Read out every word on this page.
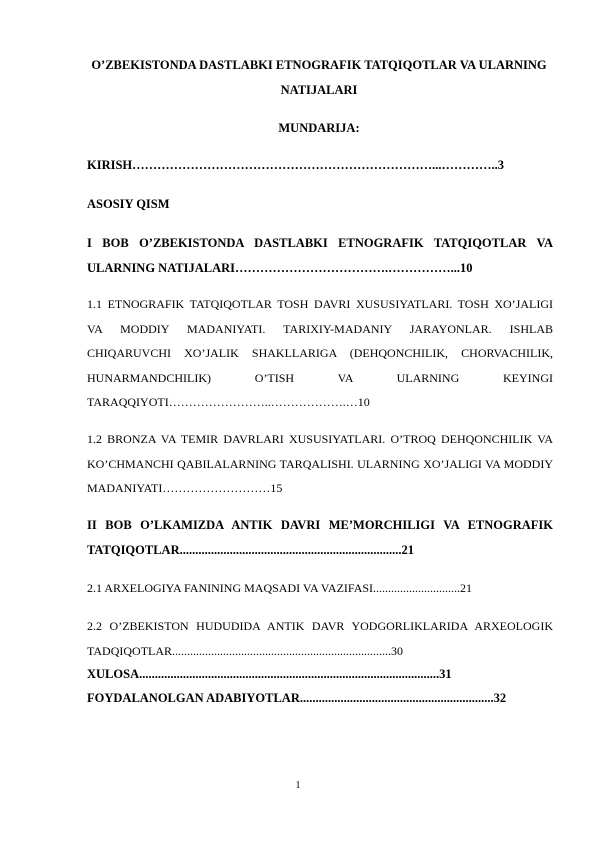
O’ZBEKISTONDA DASTLABKI ETNOGRAFIK TATQIQOTLAR VA ULARNING NATIJALARI
MUNDARIJA:
KIRISH………………………………………………………………...…………..3
ASOSIY QISM
I BOB O’ZBEKISTONDA DASTLABKI ETNOGRAFIK TATQIQOTLAR VA ULARNING NATIJALARI……………………………….……………...10
1.1 ETNOGRAFIK TATQIQOTLAR TOSH DAVRI XUSUSIYATLARI. TOSH XO’JALIGI VA MODDIY MADANIYATI. TARIXIY-MADANIY JARAYONLAR. ISHLAB CHIQARUVCHI XO’JALIK SHAKLLARIGA (DEHQONCHILIK, CHORVACHILIK, HUNARMANDCHILIK) O’TISH VA ULARNING KEYINGI TARAQQIYOTI……………………..……………….…10
1.2 BRONZA VA TEMIR DAVRLARI XUSUSIYATLARI. O’TROQ DEHQONCHILIK VA KO’CHMANCHI QABILALARNING TARQALISHI. ULARNING XO’JALIGI VA MODDIY MADANIYATI………………………15
II BOB O’LKAMIZDA ANTIK DAVRI ME’MORCHILIGI VA ETNOGRAFIK TATQIQOTLAR.......................................................................21
2.1 ARXELOGIYA FANINING MAQSADI VA VAZIFASI.............................21
2.2 O’ZBEKISTON HUDUDIDA ANTIK DAVR YODGORLIKLARIDA ARXEOLOGIK TADQIQOTLAR.........................................................................30
XULOSA................................................................................................31
FOYDALANOLGAN ADABIYOTLAR..............................................................32
1
